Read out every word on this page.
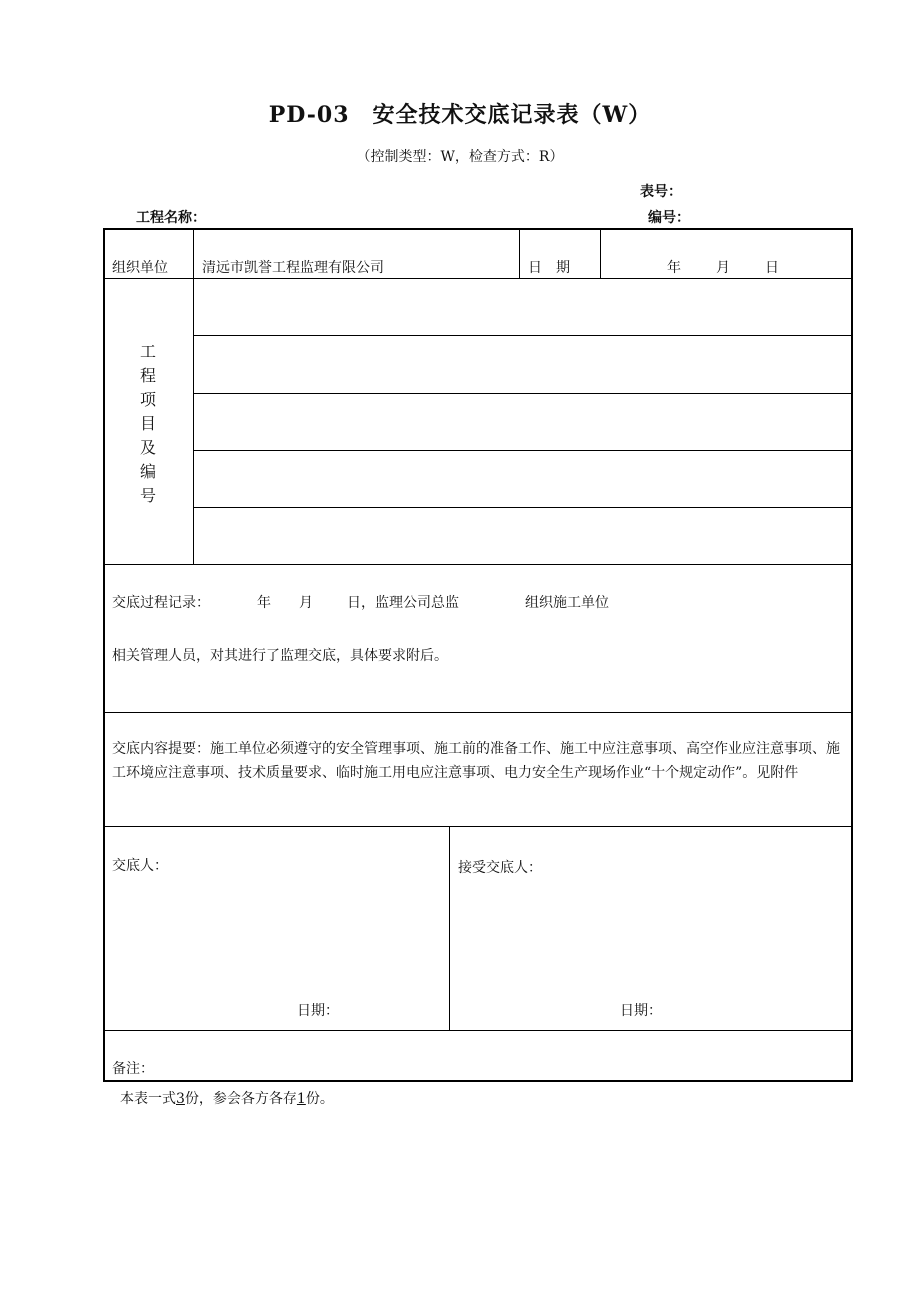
PD-03　安全技术交底记录表（W）
（控制类型：W，检查方式：R）
表号：
工程名称：	编号：
组织单位 清远市凯誉工程监理有限公司	日　期	年	月	日
工
程
项
目
及
编
号
交底过程记录：	年 月 日，监理公司总监	组织施工单位
相关管理人员，对其进行了监理交底，具体要求附后。
交底内容提要：施工单位必须遵守的安全管理事项、施工前的准备工作、施工中应注意事项、高空作业应注意事项、施工环境应注意事项、技术质量要求、临时施工用电应注意事项、电力安全生产现场作业“十个规定动作”。见附件
交底人：	接受交底人：
日期：	日期：
备注：
本表一式3份，参会各方各存1份。
